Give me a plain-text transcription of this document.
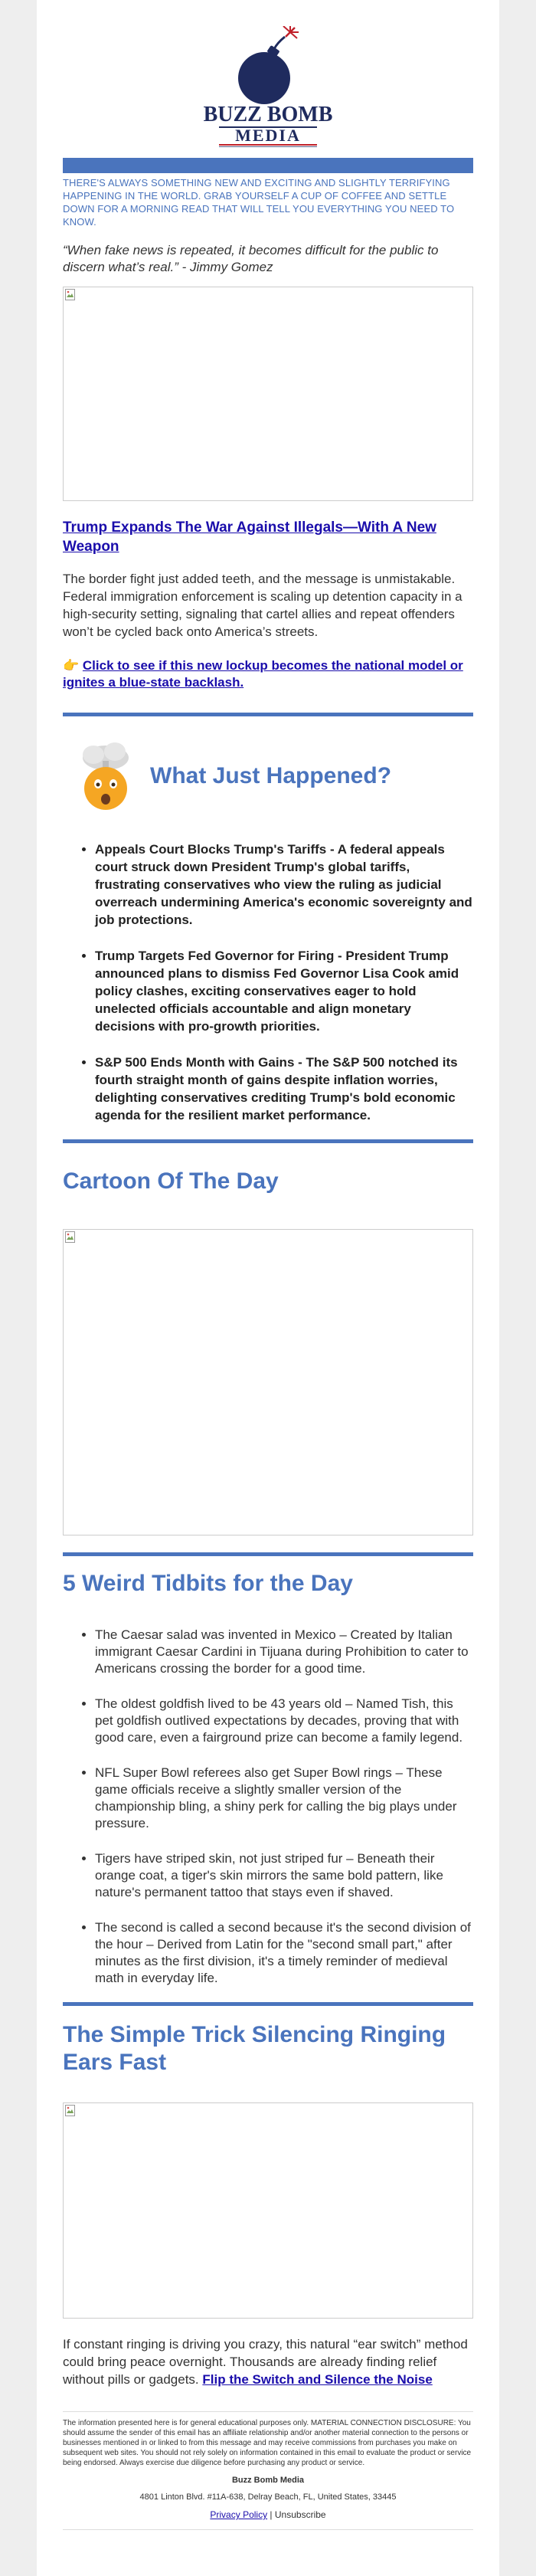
BUZZ BOMB
MEDIA
THERE'S ALWAYS SOMETHING NEW AND EXCITING AND SLIGHTLY TERRIFYING HAPPENING IN THE WORLD. GRAB YOURSELF A CUP OF COFFEE AND SETTLE DOWN FOR A MORNING READ THAT WILL TELL YOU EVERYTHING YOU NEED TO KNOW.
“When fake news is repeated, it becomes difficult for the public to discern what’s real.” - Jimmy Gomez
Trump Expands The War Against Illegals—With A New Weapon
The border fight just added teeth, and the message is unmistakable. Federal immigration enforcement is scaling up detention capacity in a high-security setting, signaling that cartel allies and repeat offenders won’t be cycled back onto America’s streets.
👉 Click to see if this new lockup becomes the national model or ignites a blue-state backlash.
What Just Happened?
• Appeals Court Blocks Trump's Tariffs - A federal appeals court struck down President Trump's global tariffs, frustrating conservatives who view the ruling as judicial overreach undermining America's economic sovereignty and job protections.
• Trump Targets Fed Governor for Firing - President Trump announced plans to dismiss Fed Governor Lisa Cook amid policy clashes, exciting conservatives eager to hold unelected officials accountable and align monetary decisions with pro-growth priorities.
• S&P 500 Ends Month with Gains - The S&P 500 notched its fourth straight month of gains despite inflation worries, delighting conservatives crediting Trump's bold economic agenda for the resilient market performance.
Cartoon Of The Day
5 Weird Tidbits for the Day
• The Caesar salad was invented in Mexico – Created by Italian immigrant Caesar Cardini in Tijuana during Prohibition to cater to Americans crossing the border for a good time.
• The oldest goldfish lived to be 43 years old – Named Tish, this pet goldfish outlived expectations by decades, proving that with good care, even a fairground prize can become a family legend.
• NFL Super Bowl referees also get Super Bowl rings – These game officials receive a slightly smaller version of the championship bling, a shiny perk for calling the big plays under pressure.
• Tigers have striped skin, not just striped fur – Beneath their orange coat, a tiger's skin mirrors the same bold pattern, like nature's permanent tattoo that stays even if shaved.
• The second is called a second because it's the second division of the hour – Derived from Latin for the "second small part," after minutes as the first division, it's a timely reminder of medieval math in everyday life.
The Simple Trick Silencing Ringing Ears Fast
If constant ringing is driving you crazy, this natural “ear switch” method could bring peace overnight. Thousands are already finding relief without pills or gadgets. Flip the Switch and Silence the Noise
The information presented here is for general educational purposes only. MATERIAL CONNECTION DISCLOSURE: You should assume the sender of this email has an affiliate relationship and/or another material connection to the persons or businesses mentioned in or linked to from this message and may receive commissions from purchases you make on subsequent web sites. You should not rely solely on information contained in this email to evaluate the product or service being endorsed. Always exercise due diligence before purchasing any product or service.
Buzz Bomb Media
4801 Linton Blvd. #11A-638, Delray Beach, FL, United States, 33445
Privacy Policy | Unsubscribe
